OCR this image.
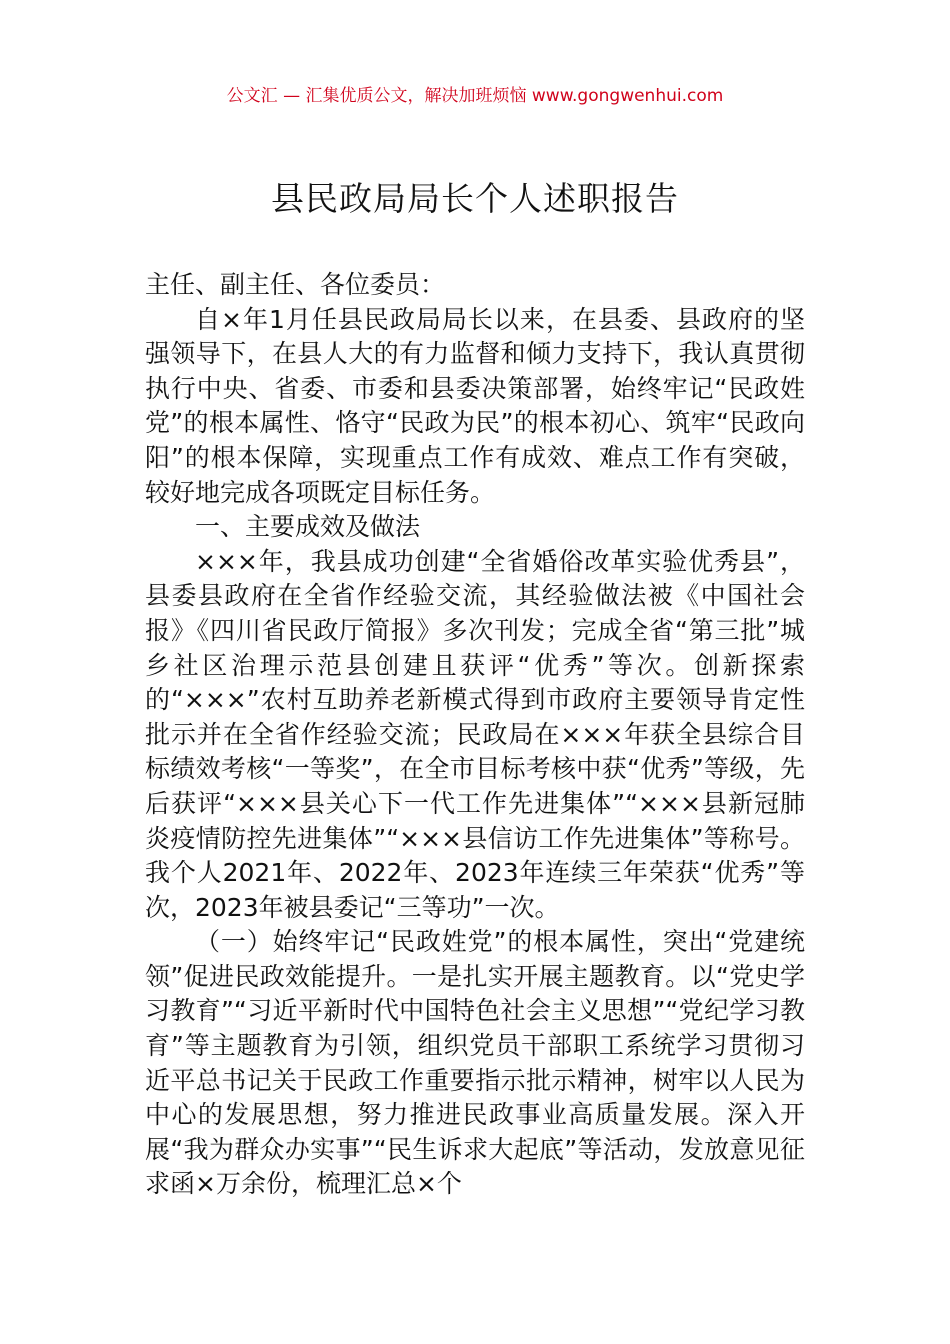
公文汇 — 汇集优质公文，解决加班烦恼 www.gongwenhui.com
县民政局局长个人述职报告

主任、副主任、各位委员：

自×年1月任县民政局局长以来，在县委、县政府的坚强领导下，在县人大的有力监督和倾力支持下，我认真贯彻执行中央、省委、市委和县委决策部署，始终牢记“民政姓党”的根本属性、恪守“民政为民”的根本初心、筑牢“民政向阳”的根本保障，实现重点工作有成效、难点工作有突破，较好地完成各项既定目标任务。

一、主要成效及做法

×××年，我县成功创建“全省婚俗改革实验优秀县”，县委县政府在全省作经验交流，其经验做法被《中国社会报》《四川省民政厅简报》多次刊发；完成全省“第三批”城乡社区治理示范县创建且获评“优秀”等次。创新探索的“×××”农村互助养老新模式得到市政府主要领导肯定性批示并在全省作经验交流；民政局在×××年获全县综合目标绩效考核“一等奖”，在全市目标考核中获“优秀”等级，先后获评“×××县关心下一代工作先进集体”“×××县新冠肺炎疫情防控先进集体”“×××县信访工作先进集体”等称号。我个人2021年、2022年、2023年连续三年荣获“优秀”等次，2023年被县委记“三等功”一次。

（一）始终牢记“民政姓党”的根本属性，突出“党建统领”促进民政效能提升。一是扎实开展主题教育。以“党史学习教育”“习近平新时代中国特色社会主义思想”“党纪学习教育”等主题教育为引领，组织党员干部职工系统学习贯彻习近平总书记关于民政工作重要指示批示精神，树牢以人民为中心的发展思想，努力推进民政事业高质量发展。深入开展“我为群众办实事”“民生诉求大起底”等活动，发放意见征求函×万余份，梳理汇总×个
